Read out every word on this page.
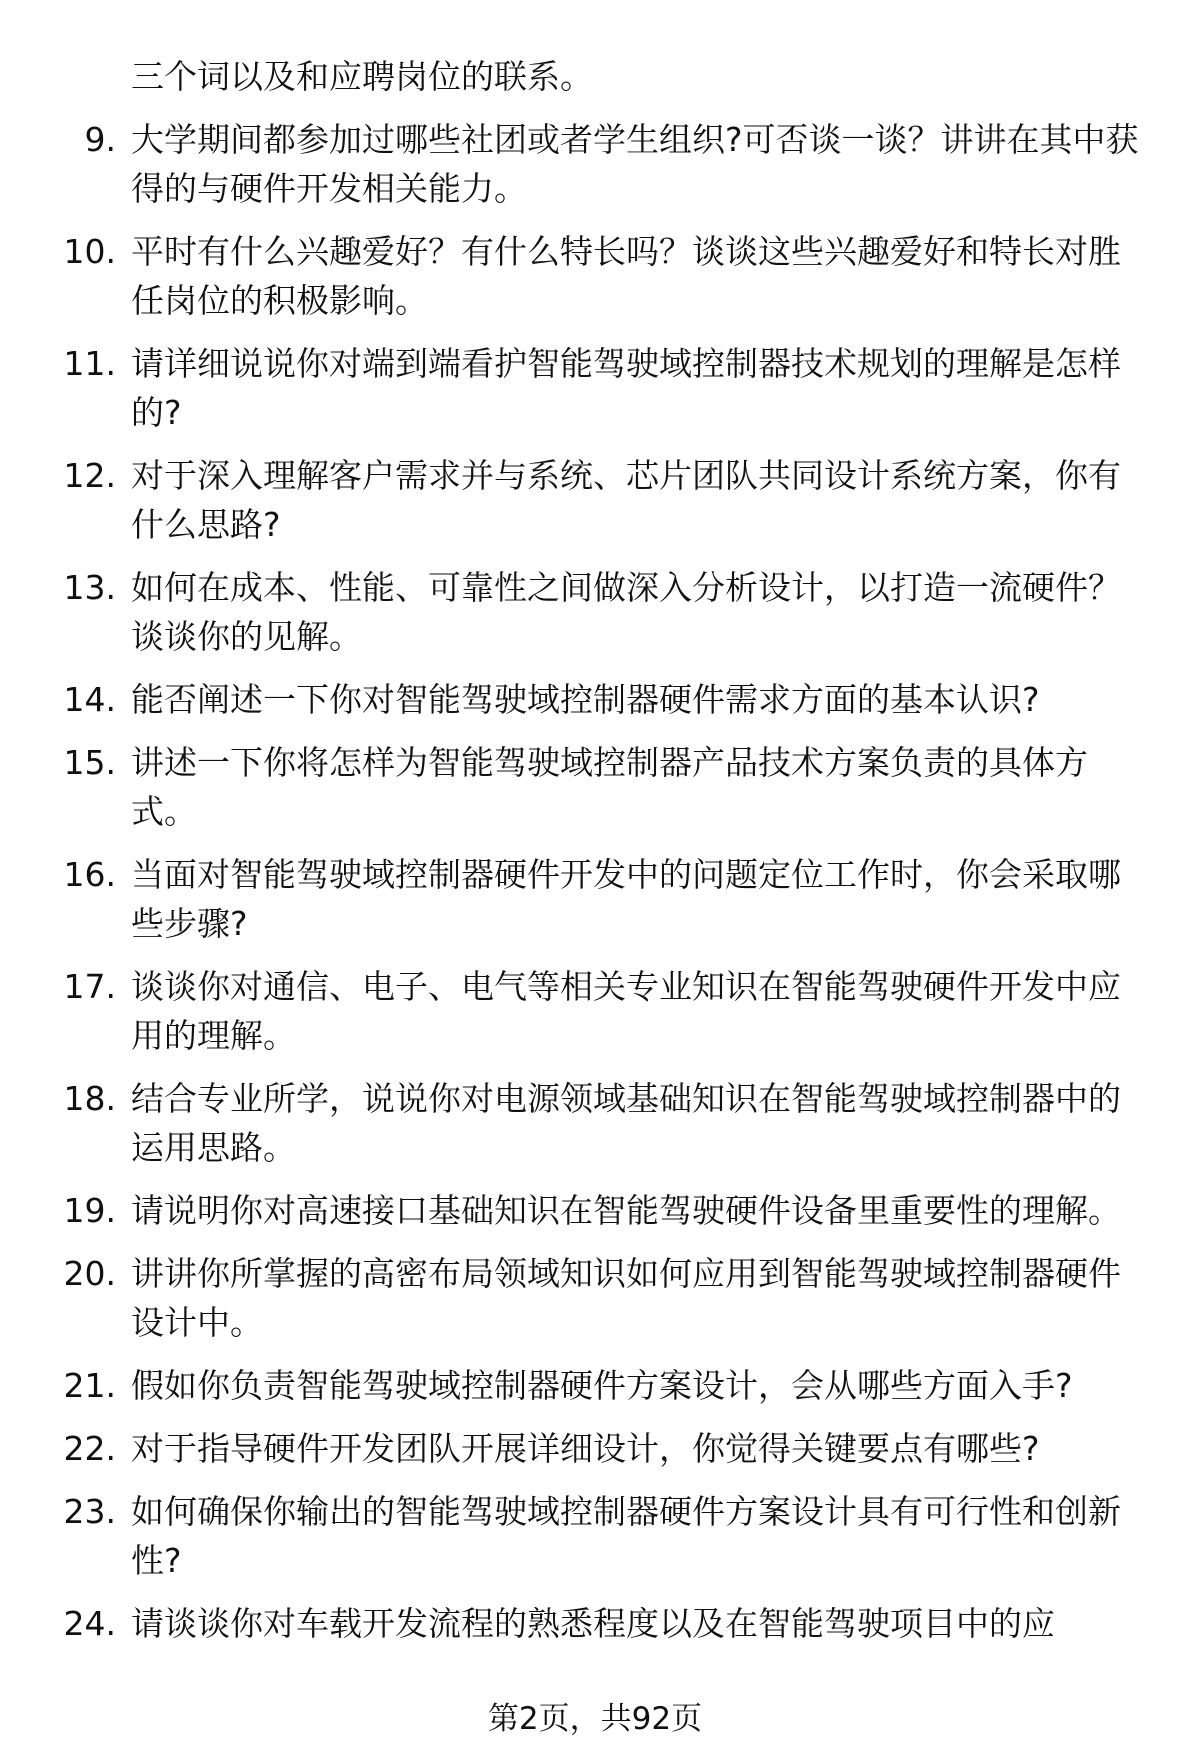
三个词以及和应聘岗位的联系。
9. 大学期间都参加过哪些社团或者学生组织?可否谈一谈？讲讲在其中获得的与硬件开发相关能力。
10. 平时有什么兴趣爱好？有什么特长吗？谈谈这些兴趣爱好和特长对胜任岗位的积极影响。
11. 请详细说说你对端到端看护智能驾驶域控制器技术规划的理解是怎样的?
12. 对于深入理解客户需求并与系统、芯片团队共同设计系统方案，你有什么思路?
13. 如何在成本、性能、可靠性之间做深入分析设计，以打造一流硬件？谈谈你的见解。
14. 能否阐述一下你对智能驾驶域控制器硬件需求方面的基本认识?
15. 讲述一下你将怎样为智能驾驶域控制器产品技术方案负责的具体方式。
16. 当面对智能驾驶域控制器硬件开发中的问题定位工作时，你会采取哪些步骤?
17. 谈谈你对通信、电子、电气等相关专业知识在智能驾驶硬件开发中应用的理解。
18. 结合专业所学，说说你对电源领域基础知识在智能驾驶域控制器中的运用思路。
19. 请说明你对高速接口基础知识在智能驾驶硬件设备里重要性的理解。
20. 讲讲你所掌握的高密布局领域知识如何应用到智能驾驶域控制器硬件设计中。
21. 假如你负责智能驾驶域控制器硬件方案设计，会从哪些方面入手?
22. 对于指导硬件开发团队开展详细设计，你觉得关键要点有哪些?
23. 如何确保你输出的智能驾驶域控制器硬件方案设计具有可行性和创新性?
24. 请谈谈你对车载开发流程的熟悉程度以及在智能驾驶项目中的应
第2页，共92页
